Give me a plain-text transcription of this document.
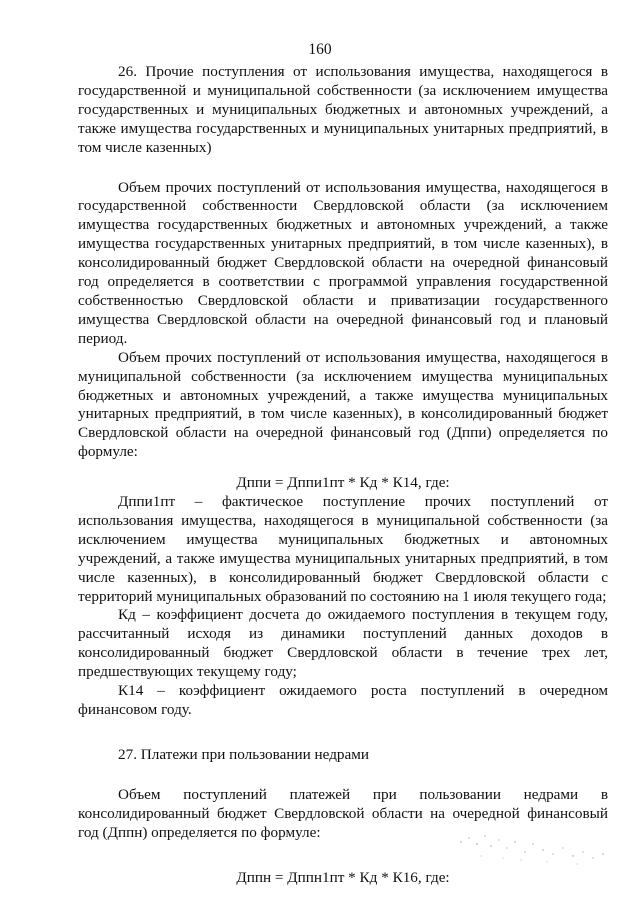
160

26. Прочие поступления от использования имущества, находящегося в государственной и муниципальной собственности (за исключением имущества государственных и муниципальных бюджетных и автономных учреждений, а также имущества государственных и муниципальных унитарных предприятий, в том числе казенных)

Объем прочих поступлений от использования имущества, находящегося в государственной собственности Свердловской области (за исключением имущества государственных бюджетных и автономных учреждений, а также имущества государственных унитарных предприятий, в том числе казенных), в консолидированный бюджет Свердловской области на очередной финансовый год определяется в соответствии с программой управления государственной собственностью Свердловской области и приватизации государственного имущества Свердловской области на очередной финансовый год и плановый период.

Объем прочих поступлений от использования имущества, находящегося в муниципальной собственности (за исключением имущества муниципальных бюджетных и автономных учреждений, а также имущества муниципальных унитарных предприятий, в том числе казенных), в консолидированный бюджет Свердловской области на очередной финансовый год (Дппи) определяется по формуле:

Дппи = Дппи1пт * Кд * К14, где:

Дппи1пт – фактическое поступление прочих поступлений от использования имущества, находящегося в муниципальной собственности (за исключением имущества муниципальных бюджетных и автономных учреждений, а также имущества муниципальных унитарных предприятий, в том числе казенных), в консолидированный бюджет Свердловской области с территорий муниципальных образований по состоянию на 1 июля текущего года;

Кд – коэффициент досчета до ожидаемого поступления в текущем году, рассчитанный исходя из динамики поступлений данных доходов в консолидированный бюджет Свердловской области в течение трех лет, предшествующих текущему году;

К14 – коэффициент ожидаемого роста поступлений в очередном финансовом году.

27. Платежи при пользовании недрами

Объем поступлений платежей при пользовании недрами в консолидированный бюджет Свердловской области на очередной финансовый год (Дппн) определяется по формуле:

Дппн = Дппн1пт * Кд * К16, где:
